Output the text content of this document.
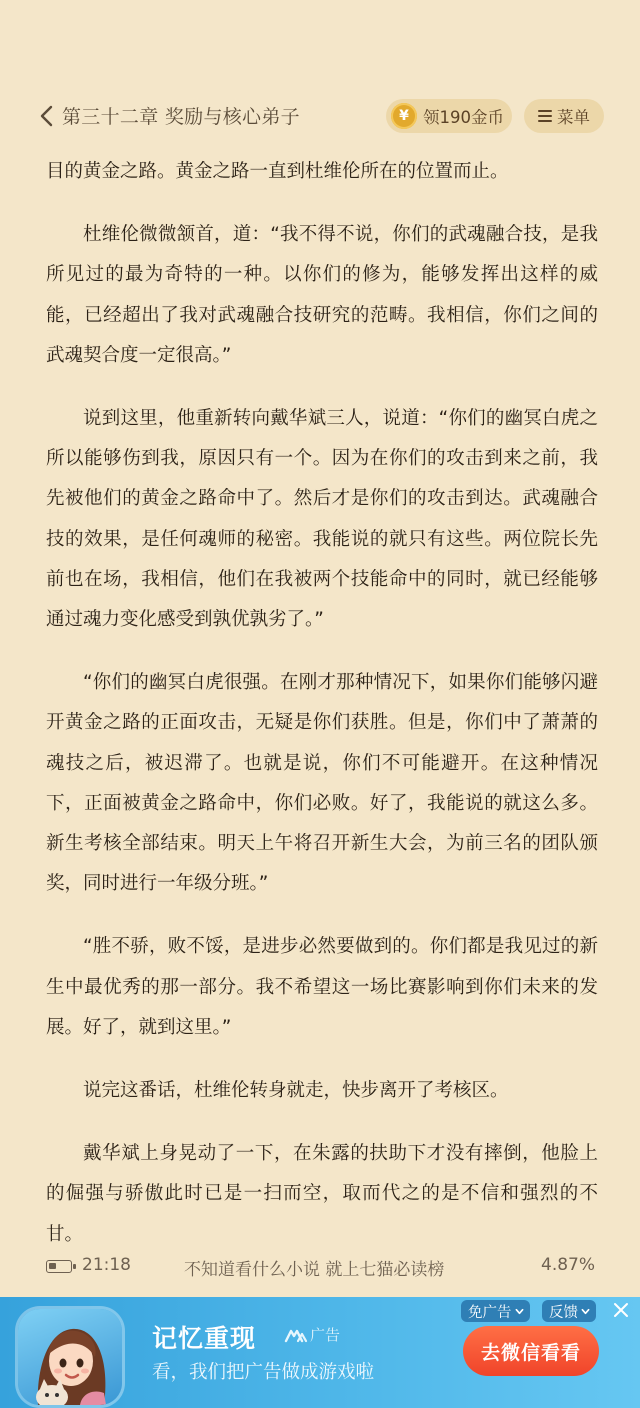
第三十二章 奖励与核心弟子	¥ 领190金币	菜单

目的黄金之路。黄金之路一直到杜维伦所在的位置而止。

杜维伦微微颔首，道：“我不得不说，你们的武魂融合技，是我所见过的最为奇特的一种。以你们的修为，能够发挥出这样的威能，已经超出了我对武魂融合技研究的范畴。我相信，你们之间的武魂契合度一定很高。”

说到这里，他重新转向戴华斌三人，说道：“你们的幽冥白虎之所以能够伤到我，原因只有一个。因为在你们的攻击到来之前，我先被他们的黄金之路命中了。然后才是你们的攻击到达。武魂融合技的效果，是任何魂师的秘密。我能说的就只有这些。两位院长先前也在场，我相信，他们在我被两个技能命中的同时，就已经能够通过魂力变化感受到孰优孰劣了。”

“你们的幽冥白虎很强。在刚才那种情况下，如果你们能够闪避开黄金之路的正面攻击，无疑是你们获胜。但是，你们中了萧萧的魂技之后，被迟滞了。也就是说，你们不可能避开。在这种情况下，正面被黄金之路命中，你们必败。好了，我能说的就这么多。新生考核全部结束。明天上午将召开新生大会，为前三名的团队颁奖，同时进行一年级分班。”

“胜不骄，败不馁，是进步必然要做到的。你们都是我见过的新生中最优秀的那一部分。我不希望这一场比赛影响到你们未来的发展。好了，就到这里。”

说完这番话，杜维伦转身就走，快步离开了考核区。

戴华斌上身晃动了一下，在朱露的扶助下才没有摔倒，他脸上的倔强与骄傲此时已是一扫而空，取而代之的是不信和强烈的不甘。

21:18	不知道看什么小说 就上七猫必读榜	4.87%
记忆重现	广告
看，我们把广告做成游戏啦
免广告	反馈
去微信看看
